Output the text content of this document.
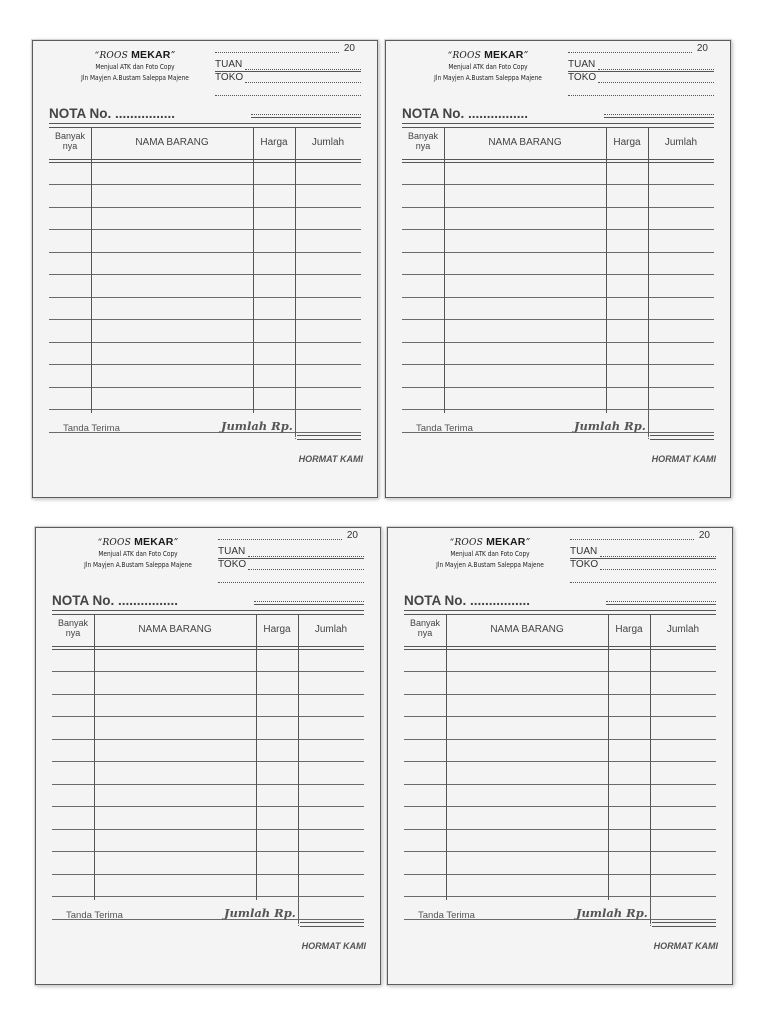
“ROOS MEKAR”
Menjual ATK dan Foto Copy
Jln Mayjen A.Bustam Saleppa Majene
20
TUAN
TOKO
NOTA No. ................
Banyak nya	NAMA BARANG	Harga	Jumlah
Tanda Terima	Jumlah Rp.
HORMAT KAMI
“ROOS MEKAR”
Menjual ATK dan Foto Copy
Jln Mayjen A.Bustam Saleppa Majene
20
TUAN
TOKO
NOTA No. ................
Banyak nya	NAMA BARANG	Harga	Jumlah
Tanda Terima	Jumlah Rp.
HORMAT KAMI
“ROOS MEKAR”
Menjual ATK dan Foto Copy
Jln Mayjen A.Bustam Saleppa Majene
20
TUAN
TOKO
NOTA No. ................
Banyak nya	NAMA BARANG	Harga	Jumlah
Tanda Terima	Jumlah Rp.
HORMAT KAMI
“ROOS MEKAR”
Menjual ATK dan Foto Copy
Jln Mayjen A.Bustam Saleppa Majene
20
TUAN
TOKO
NOTA No. ................
Banyak nya	NAMA BARANG	Harga	Jumlah
Tanda Terima	Jumlah Rp.
HORMAT KAMI
